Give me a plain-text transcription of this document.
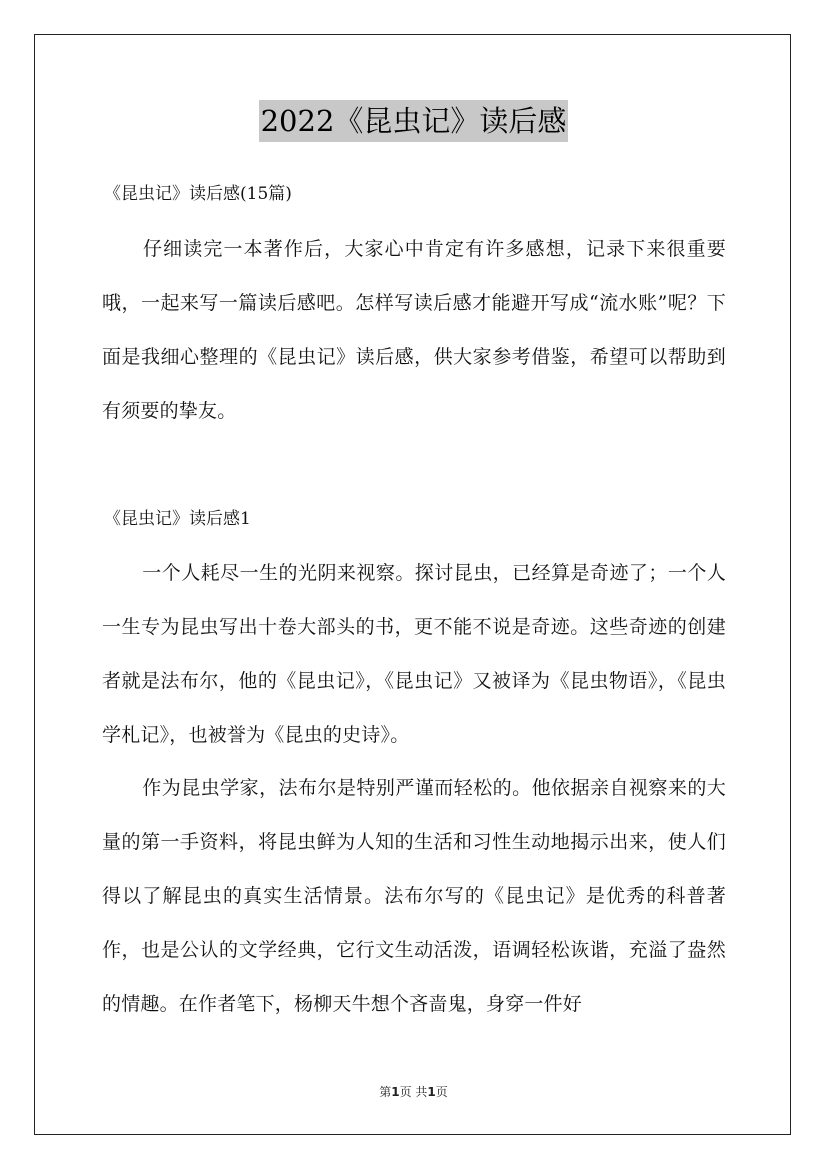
2022《昆虫记》读后感
《昆虫记》读后感(15篇)

仔细读完一本著作后，大家心中肯定有许多感想，记录下来很重要哦，一起来写一篇读后感吧。怎样写读后感才能避开写成“流水账”呢？下面是我细心整理的《昆虫记》读后感，供大家参考借鉴，希望可以帮助到有须要的挚友。

《昆虫记》读后感1

一个人耗尽一生的光阴来视察。探讨昆虫，已经算是奇迹了；一个人一生专为昆虫写出十卷大部头的书，更不能不说是奇迹。这些奇迹的创建者就是法布尔，他的《昆虫记》，《昆虫记》又被译为《昆虫物语》，《昆虫学札记》，也被誉为《昆虫的史诗》。

作为昆虫学家，法布尔是特别严谨而轻松的。他依据亲自视察来的大量的第一手资料，将昆虫鲜为人知的生活和习性生动地揭示出来，使人们得以了解昆虫的真实生活情景。法布尔写的《昆虫记》是优秀的科普著作，也是公认的文学经典，它行文生动活泼，语调轻松诙谐，充溢了盎然的情趣。在作者笔下，杨柳天牛想个吝啬鬼，身穿一件好

第1页 共1页
